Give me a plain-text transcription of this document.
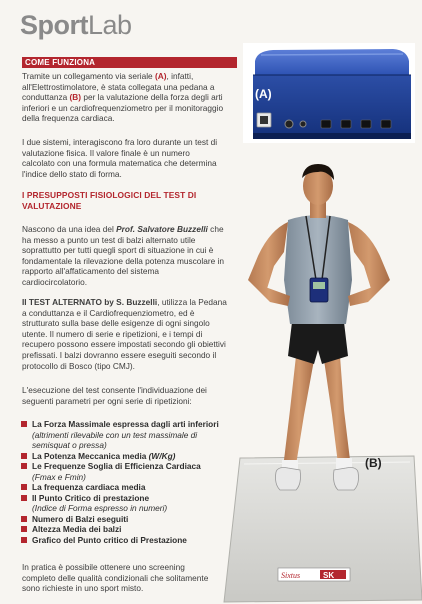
SportLab
COME FUNZIONA
Tramite un collegamento via seriale (A), infatti,
all'Elettrostimolatore, è stata collegata una pedana a
conduttanza (B) per la valutazione della forza degli arti
inferiori e un cardiofrequenziometro per il monitoraggio
della frequenza cardiaca.
I due sistemi, interagiscono fra loro durante un test di
valutazione fisica. Il valore finale è un numero
calcolato con una formula matematica che determina
l'indice dello stato di forma.
I PRESUPPOSTI FISIOLOGICI DEL TEST DI
VALUTAZIONE
Nascono da una idea del Prof. Salvatore Buzzelli che
ha messo a punto un test di balzi alternato utile
soprattutto per tutti quegli sport di situazione in cui è
fondamentale la rilevazione della potenza muscolare in
rapporto all'affaticamento del sistema
cardiocircolatorio.
Il TEST ALTERNATO by S. Buzzelli, utilizza la Pedana
a conduttanza e il Cardiofrequenziometro, ed è
strutturato sulla base delle esigenze di ogni singolo
utente. Il numero di serie e ripetizioni, e i tempi di
recupero possono essere impostati secondo gli obiettivi
prefissati. I balzi dovranno essere eseguiti secondo il
protocollo di Bosco (tipo CMJ).
L'esecuzione del test consente l'individuazione dei
seguenti parametri per ogni serie di ripetizioni:
La Forza Massimale espressa dagli arti inferiori
(altrimenti rilevabile con un test massimale di
semisquat o pressa)
La Potenza Meccanica media (W/Kg)
Le Frequenze Soglia di Efficienza Cardiaca
(Fmax e Fmin)
La frequenza cardiaca media
Il Punto Critico di prestazione
(Indice di Forma espresso in numeri)
Numero di Balzi eseguiti
Altezza Media dei balzi
Grafico del Punto critico di Prestazione
In pratica è possibile ottenere uno screening
completo delle qualità condizionali che solitamente
sono richieste in uno sport misto.
(A)
Sixtus	SK
(B)
